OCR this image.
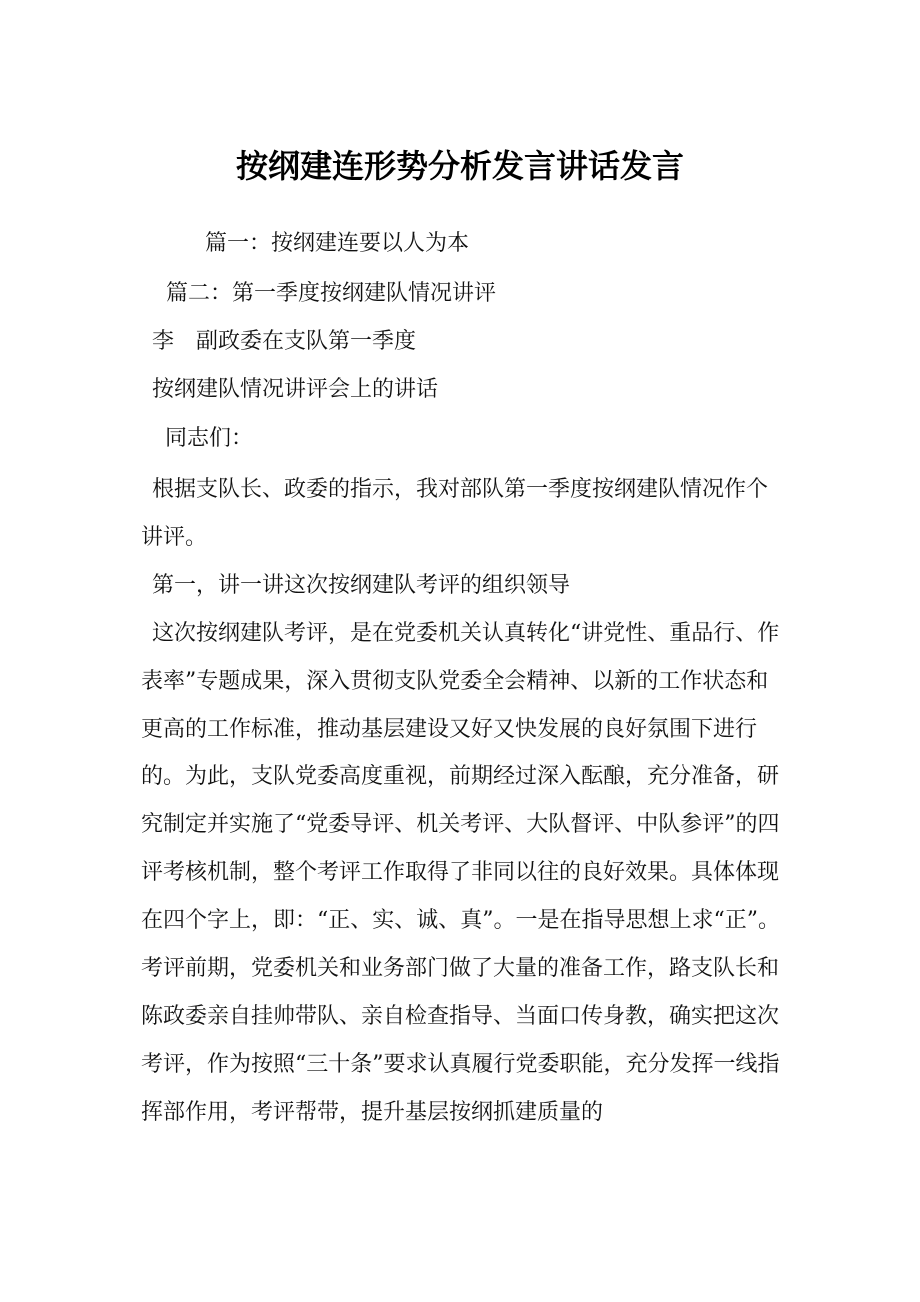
按纲建连形势分析发言讲话发言
篇一：按纲建连要以人为本
篇二：第一季度按纲建队情况讲评
李　副政委在支队第一季度
按纲建队情况讲评会上的讲话
同志们：

根据支队长、政委的指示，我对部队第一季度按纲建队情况作个讲评。

第一，讲一讲这次按纲建队考评的组织领导

这次按纲建队考评，是在党委机关认真转化“讲党性、重品行、作表率”专题成果，深入贯彻支队党委全会精神、以新的工作状态和更高的工作标准，推动基层建设又好又快发展的良好氛围下进行的。为此，支队党委高度重视，前期经过深入酝酿，充分准备，研究制定并实施了“党委导评、机关考评、大队督评、中队参评”的四评考核机制，整个考评工作取得了非同以往的良好效果。具体体现在四个字上，即：“正、实、诚、真”。一是在指导思想上求“正”。考评前期，党委机关和业务部门做了大量的准备工作，路支队长和陈政委亲自挂帅带队、亲自检查指导、当面口传身教，确实把这次考评，作为按照“三十条”要求认真履行党委职能，充分发挥一线指挥部作用，考评帮带，提升基层按纲抓建质量的
